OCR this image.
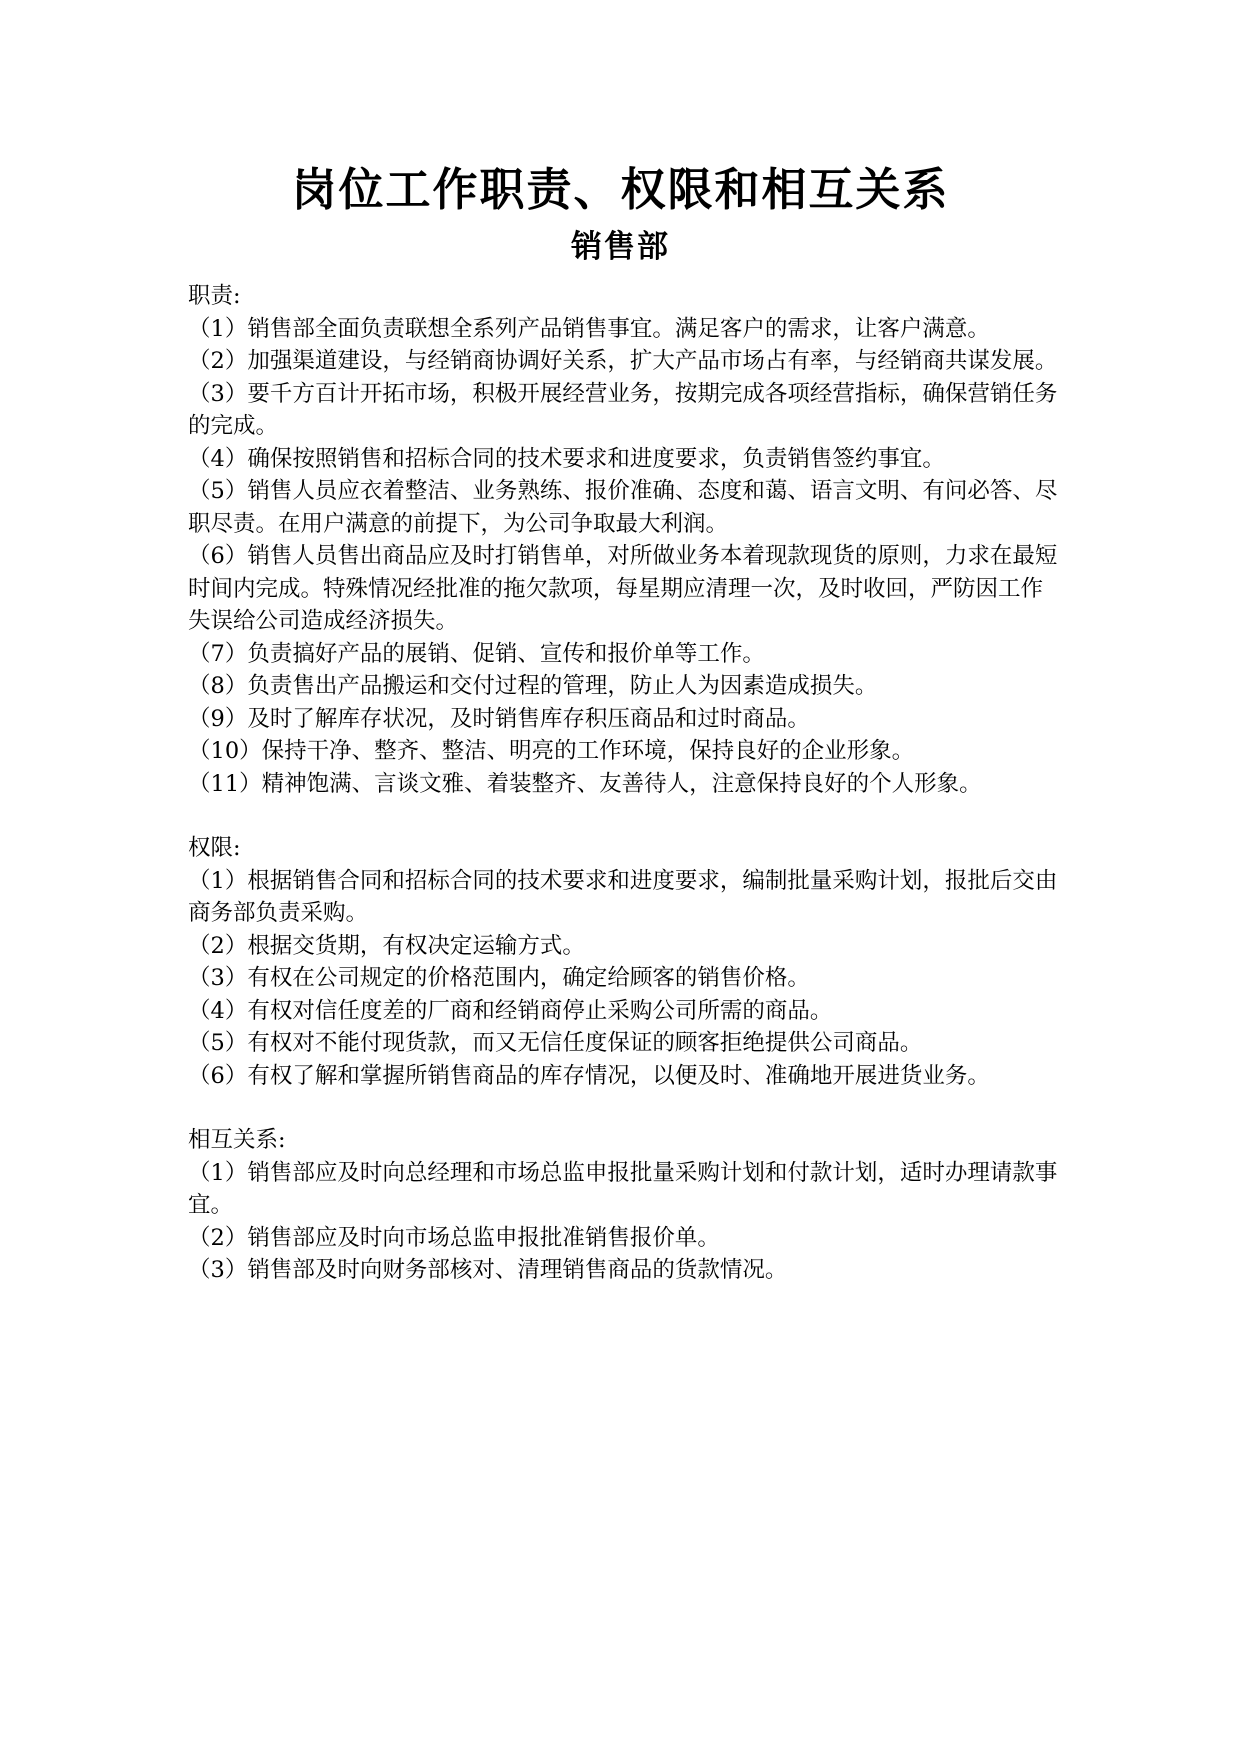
岗位工作职责、权限和相互关系
销售部

职责:

（1）销售部全面负责联想全系列产品销售事宜。满足客户的需求，让客户满意。

（2）加强渠道建设，与经销商协调好关系，扩大产品市场占有率，与经销商共谋发展。

（3）要千方百计开拓市场，积极开展经营业务，按期完成各项经营指标，确保营销任务的完成。

（4）确保按照销售和招标合同的技术要求和进度要求，负责销售签约事宜。

（5）销售人员应衣着整洁、业务熟练、报价准确、态度和蔼、语言文明、有问必答、尽职尽责。在用户满意的前提下，为公司争取最大利润。

（6）销售人员售出商品应及时打销售单，对所做业务本着现款现货的原则，力求在最短时间内完成。特殊情况经批准的拖欠款项，每星期应清理一次，及时收回，严防因工作失误给公司造成经济损失。

（7）负责搞好产品的展销、促销、宣传和报价单等工作。

（8）负责售出产品搬运和交付过程的管理，防止人为因素造成损失。

（9）及时了解库存状况，及时销售库存积压商品和过时商品。

（10）保持干净、整齐、整洁、明亮的工作环境，保持良好的企业形象。

（11）精神饱满、言谈文雅、着装整齐、友善待人，注意保持良好的个人形象。

权限:

（1）根据销售合同和招标合同的技术要求和进度要求，编制批量采购计划，报批后交由商务部负责采购。

（2）根据交货期，有权决定运输方式。

（3）有权在公司规定的价格范围内，确定给顾客的销售价格。

（4）有权对信任度差的厂商和经销商停止采购公司所需的商品。

（5）有权对不能付现货款，而又无信任度保证的顾客拒绝提供公司商品。

（6）有权了解和掌握所销售商品的库存情况，以便及时、准确地开展进货业务。

相互关系:

（1）销售部应及时向总经理和市场总监申报批量采购计划和付款计划，适时办理请款事宜。

（2）销售部应及时向市场总监申报批准销售报价单。

（3）销售部及时向财务部核对、清理销售商品的货款情况。
